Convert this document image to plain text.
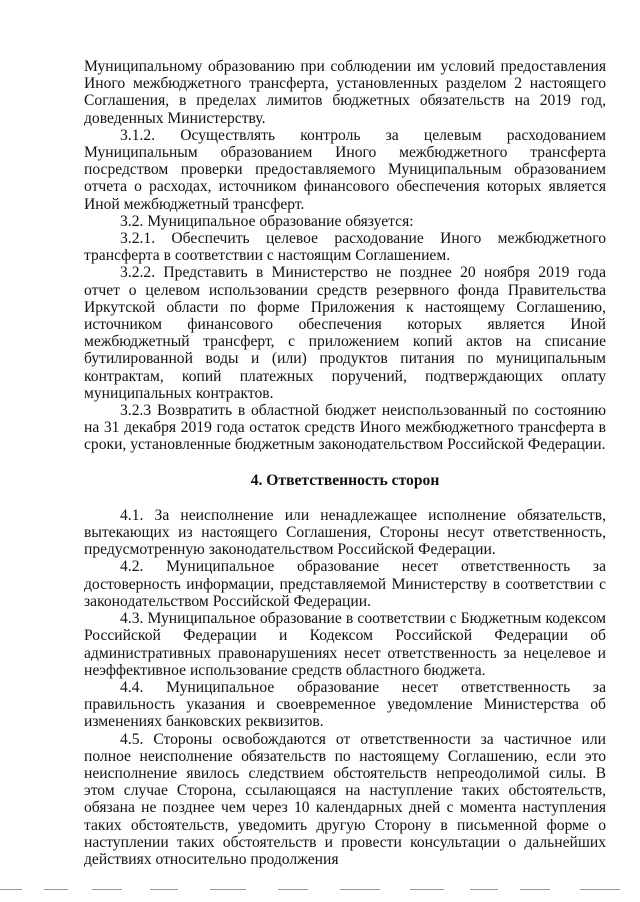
Муниципальному образованию при соблюдении им условий предоставления Иного межбюджетного трансферта, установленных разделом 2 настоящего Соглашения, в пределах лимитов бюджетных обязательств на 2019 год, доведенных Министерству.

3.1.2. Осуществлять контроль за целевым расходованием Муниципальным образованием Иного межбюджетного трансферта посредством проверки предоставляемого Муниципальным образованием отчета о расходах, источником финансового обеспечения которых является Иной межбюджетный трансферт.

3.2. Муниципальное образование обязуется:

3.2.1. Обеспечить целевое расходование Иного межбюджетного трансферта в соответствии с настоящим Соглашением.

3.2.2. Представить в Министерство не позднее 20 ноября 2019 года отчет о целевом использовании средств резервного фонда Правительства Иркутской области по форме Приложения к настоящему Соглашению, источником финансового обеспечения которых является Иной межбюджетный трансферт, с приложением копий актов на списание бутилированной воды и (или) продуктов питания по муниципальным контрактам, копий платежных поручений, подтверждающих оплату муниципальных контрактов.

3.2.3 Возвратить в областной бюджет неиспользованный по состоянию на 31 декабря 2019 года остаток средств Иного межбюджетного трансферта в сроки, установленные бюджетным законодательством Российской Федерации.

4. Ответственность сторон

4.1. За неисполнение или ненадлежащее исполнение обязательств, вытекающих из настоящего Соглашения, Стороны несут ответственность, предусмотренную законодательством Российской Федерации.

4.2. Муниципальное образование несет ответственность за достоверность информации, представляемой Министерству в соответствии с законодательством Российской Федерации.

4.3. Муниципальное образование в соответствии с Бюджетным кодексом Российской Федерации и Кодексом Российской Федерации об административных правонарушениях несет ответственность за нецелевое и неэффективное использование средств областного бюджета.

4.4. Муниципальное образование несет ответственность за правильность указания и своевременное уведомление Министерства об изменениях банковских реквизитов.

4.5. Стороны освобождаются от ответственности за частичное или полное неисполнение обязательств по настоящему Соглашению, если это неисполнение явилось следствием обстоятельств непреодолимой силы. В этом случае Сторона, ссылающаяся на наступление таких обстоятельств, обязана не позднее чем через 10 календарных дней с момента наступления таких обстоятельств, уведомить другую Сторону в письменной форме о наступлении таких обстоятельств и провести консультации о дальнейших действиях относительно продолжения
